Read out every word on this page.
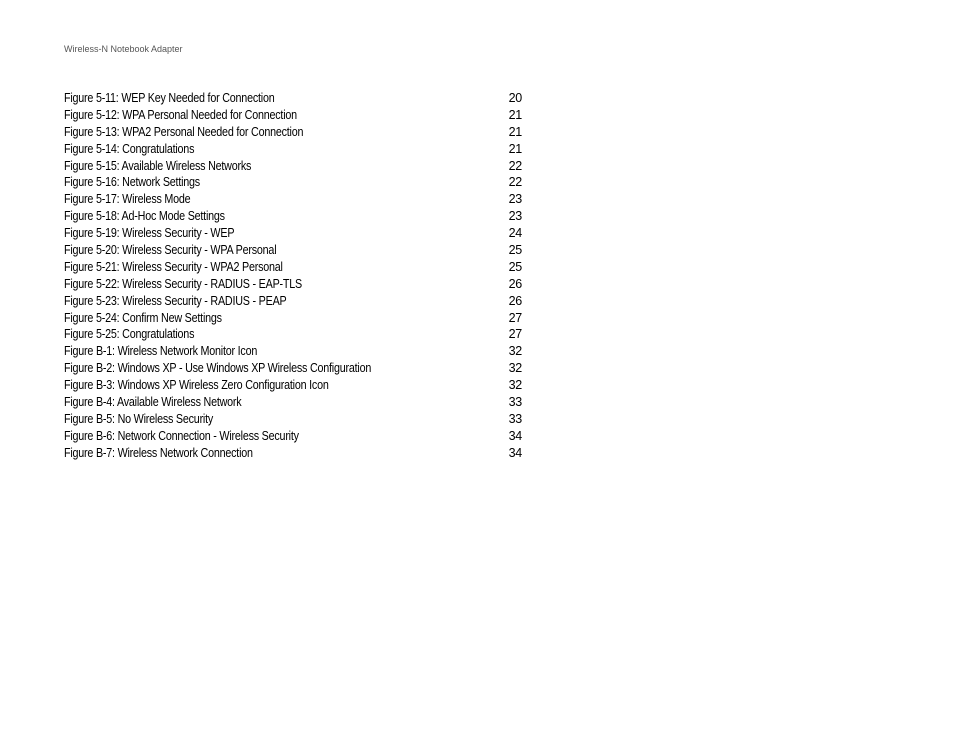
Wireless-N Notebook Adapter
Figure 5-11: WEP Key Needed for Connection	20
Figure 5-12: WPA Personal Needed for Connection	21
Figure 5-13: WPA2 Personal Needed for Connection	21
Figure 5-14: Congratulations	21
Figure 5-15: Available Wireless Networks	22
Figure 5-16: Network Settings	22
Figure 5-17: Wireless Mode	23
Figure 5-18: Ad-Hoc Mode Settings	23
Figure 5-19: Wireless Security - WEP	24
Figure 5-20: Wireless Security - WPA Personal	25
Figure 5-21: Wireless Security - WPA2 Personal	25
Figure 5-22: Wireless Security - RADIUS - EAP-TLS	26
Figure 5-23: Wireless Security - RADIUS - PEAP	26
Figure 5-24: Confirm New Settings	27
Figure 5-25: Congratulations	27
Figure B-1: Wireless Network Monitor Icon	32
Figure B-2: Windows XP - Use Windows XP Wireless Configuration	32
Figure B-3: Windows XP Wireless Zero Configuration Icon	32
Figure B-4: Available Wireless Network	33
Figure B-5: No Wireless Security	33
Figure B-6: Network Connection - Wireless Security	34
Figure B-7: Wireless Network Connection	34
